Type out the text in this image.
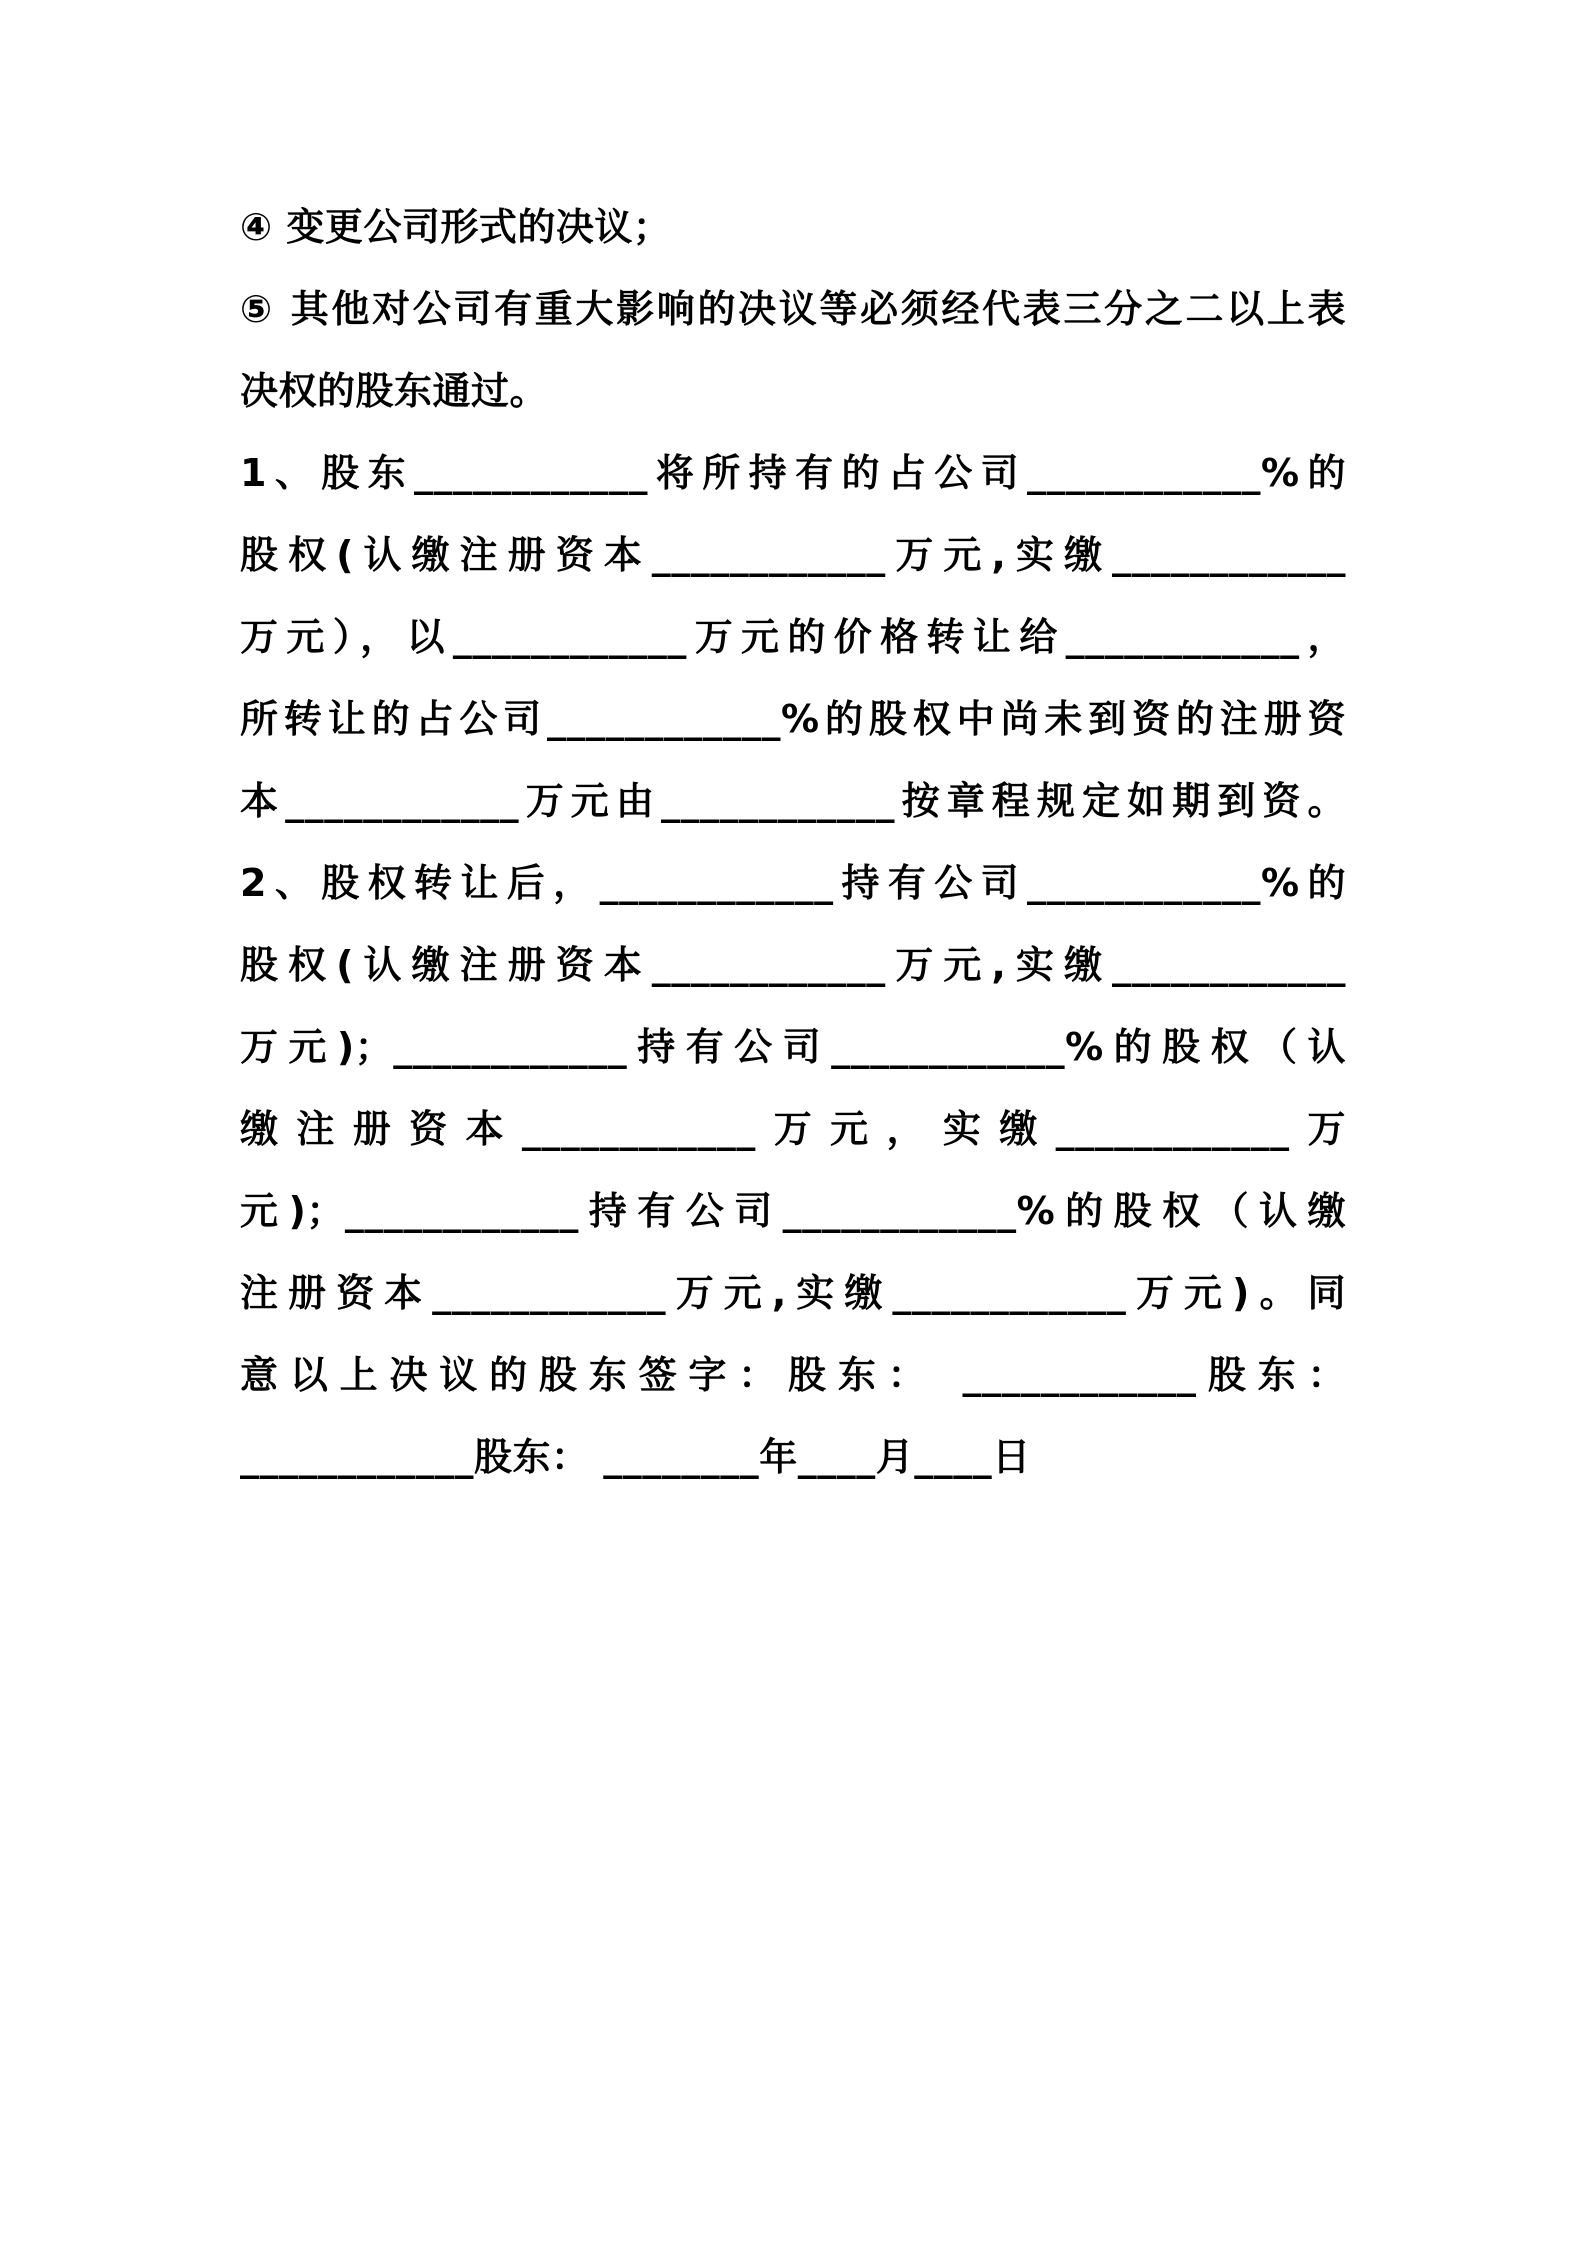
④ 变更公司形式的决议；

⑤ 其他对公司有重大影响的决议等必须经代表三分之二以上表

决权的股东通过。

1、股东____________将所持有的占公司____________%的

股权(认缴注册资本____________万元,实缴____________

万元），以____________万元的价格转让给____________，

所转让的占公司____________%的股权中尚未到资的注册资

本____________万元由____________按章程规定如期到资。

2、股权转让后，____________持有公司____________%的

股权(认缴注册资本____________万元,实缴____________

万元)；____________持有公司____________%的股权（认

缴注册资本____________万元，实缴____________万

元)；____________持有公司____________%的股权（认缴

注册资本____________万元,实缴____________万元)。同

意以上决议的股东签字：股东： ____________股东：

____________股东： ________年____月____日
